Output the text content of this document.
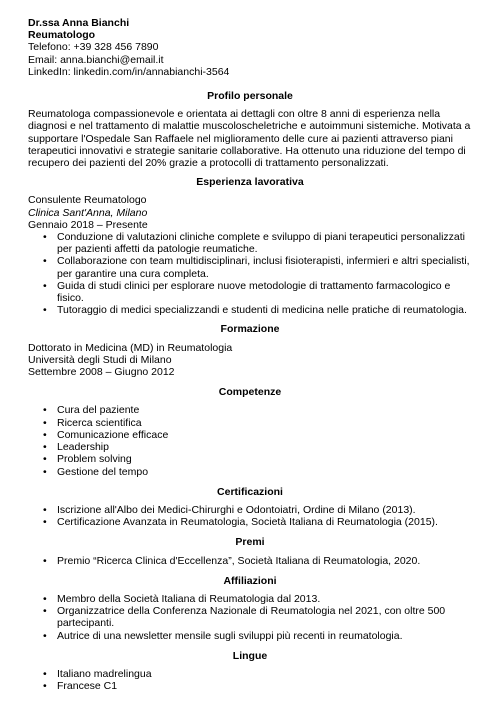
Dr.ssa Anna Bianchi
Reumatologo
Telefono: +39 328 456 7890
Email: anna.bianchi@email.it
LinkedIn: linkedin.com/in/annabianchi-3564
Profilo personale
Reumatologa compassionevole e orientata ai dettagli con oltre 8 anni di esperienza nella diagnosi e nel trattamento di malattie muscoloscheletriche e autoimmuni sistemiche. Motivata a supportare l'Ospedale San Raffaele nel miglioramento delle cure ai pazienti attraverso piani terapeutici innovativi e strategie sanitarie collaborative. Ha ottenuto una riduzione del tempo di recupero dei pazienti del 20% grazie a protocolli di trattamento personalizzati.
Esperienza lavorativa
Consulente Reumatologo
Clinica Sant'Anna, Milano
Gennaio 2018 – Presente
• Conduzione di valutazioni cliniche complete e sviluppo di piani terapeutici personalizzati per pazienti affetti da patologie reumatiche.
• Collaborazione con team multidisciplinari, inclusi fisioterapisti, infermieri e altri specialisti, per garantire una cura completa.
• Guida di studi clinici per esplorare nuove metodologie di trattamento farmacologico e fisico.
• Tutoraggio di medici specializzandi e studenti di medicina nelle pratiche di reumatologia.
Formazione
Dottorato in Medicina (MD) in Reumatologia
Università degli Studi di Milano
Settembre 2008 – Giugno 2012
Competenze
• Cura del paziente
• Ricerca scientifica
• Comunicazione efficace
• Leadership
• Problem solving
• Gestione del tempo
Certificazioni
• Iscrizione all'Albo dei Medici-Chirurghi e Odontoiatri, Ordine di Milano (2013).
• Certificazione Avanzata in Reumatologia, Società Italiana di Reumatologia (2015).
Premi
• Premio “Ricerca Clinica d'Eccellenza”, Società Italiana di Reumatologia, 2020.
Affiliazioni
• Membro della Società Italiana di Reumatologia dal 2013.
• Organizzatrice della Conferenza Nazionale di Reumatologia nel 2021, con oltre 500 partecipanti.
• Autrice di una newsletter mensile sugli sviluppi più recenti in reumatologia.
Lingue
• Italiano madrelingua
• Francese C1
